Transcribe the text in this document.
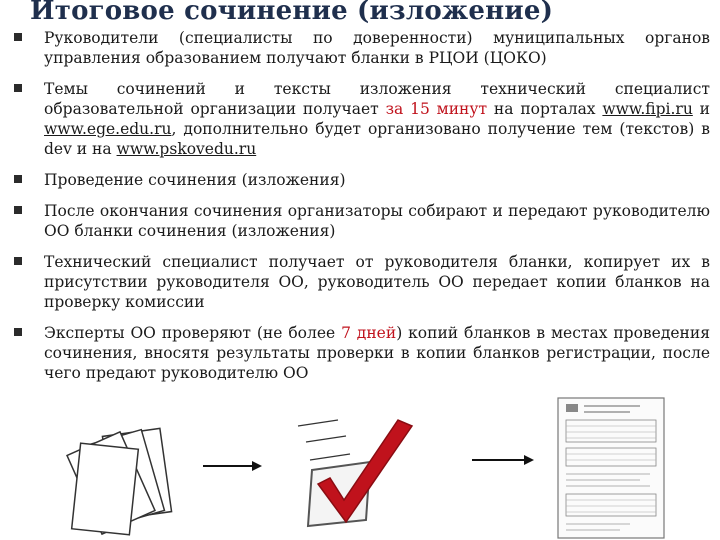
Итоговое сочинение (изложение)
Руководители (специалисты по доверенности) муниципальных органов управления образованием получают бланки в РЦОИ (ЦОКО)
Темы сочинений и тексты изложения технический специалист образовательной организации получает за 15 минут на порталах www.fipi.ru и www.ege.edu.ru, дополнительно будет организовано получение тем (текстов) в dev и на www.pskovedu.ru
Проведение сочинения (изложения)
После окончания сочинения организаторы собирают и передают руководителю ОО бланки сочинения (изложения)
Технический специалист получает от руководителя бланки, копирует их в присутствии руководителя ОО, руководитель ОО передает копии бланков на проверку комиссии
Эксперты ОО проверяют (не более 7 дней) копий бланков в местах проведения сочинения, вносятя результаты проверки в копии бланков регистрации, после чего предают руководителю ОО
